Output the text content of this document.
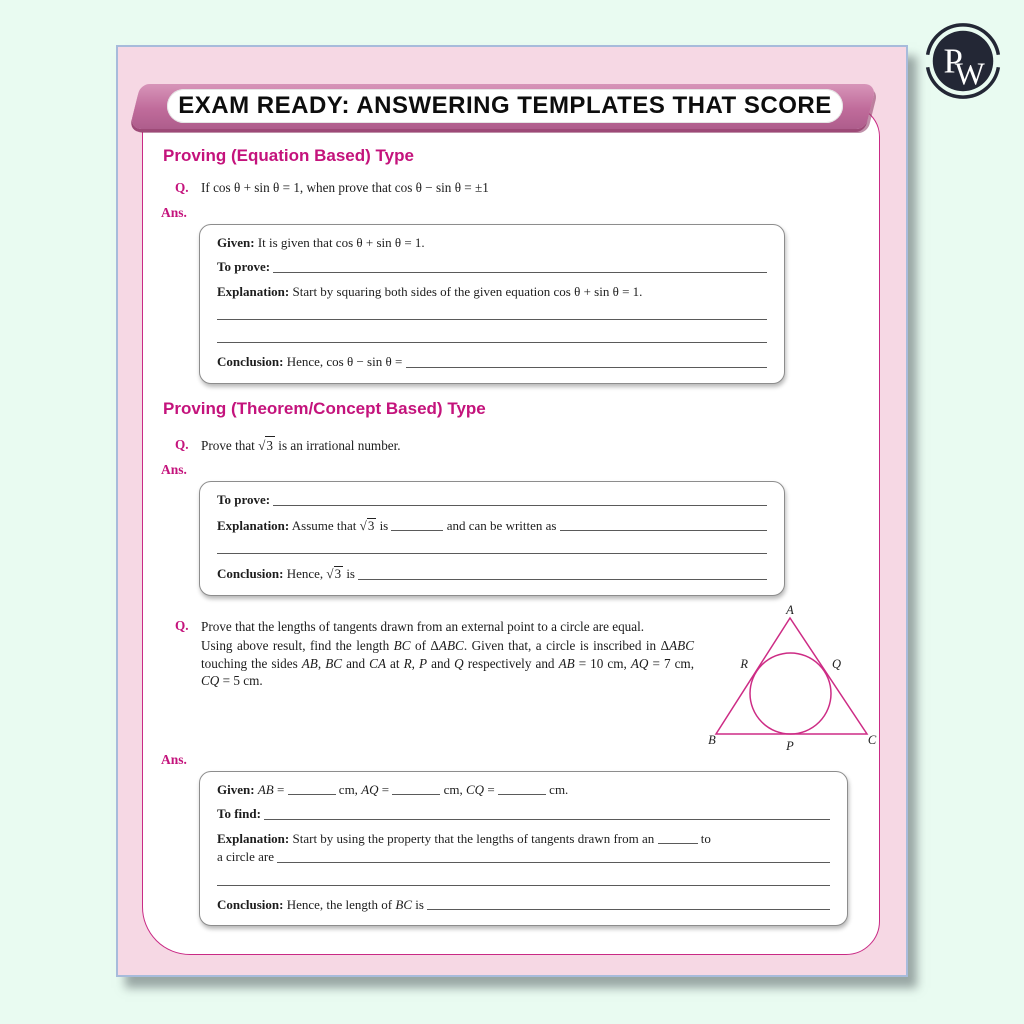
EXAM READY: ANSWERING TEMPLATES THAT SCORE
Proving (Equation Based) Type
Q. If cos θ + sin θ = 1, when prove that cos θ − sin θ = ±1
Ans.
Given: It is given that cos θ + sin θ = 1.
To prove:

Explanation: Start by squaring both sides of the given equation cos θ + sin θ = 1.
Conclusion: Hence, cos θ − sin θ =
Proving (Theorem/Concept Based) Type
Q. Prove that √ 3 is an irrational number.
Ans.
To prove:

Explanation: Assume that √ 3 is	and can be written as
Conclusion: Hence, √ 3 is
Q. Prove that the lengths of tangents drawn from an external point to a circle are equal.

Using above result, find the length BC of ΔABC. Given that, a circle is inscribed in ΔABC touching the sides AB, BC and CA at R, P and Q respectively and AB = 10 cm, AQ = 7 cm, CQ = 5 cm.

A
B	C
P
R	Q
Ans.
Given:
AB =	cm, AQ =	cm, CQ =	cm.
To find:

Explanation: Start by using the property that the lengths of tangents drawn from an	to
a circle are
Conclusion: Hence, the length of BC is
P
W
